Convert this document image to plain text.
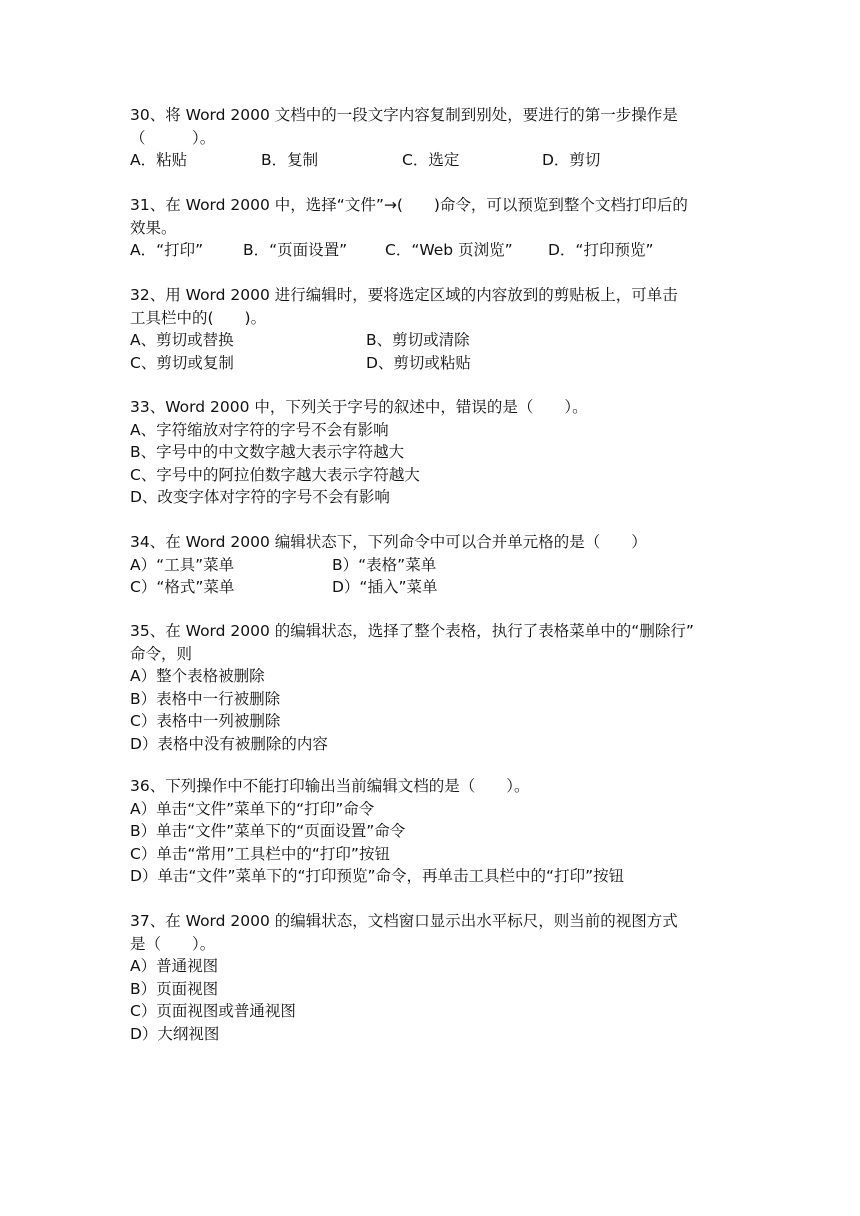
30、将 Word 2000 文档中的一段文字内容复制到别处，要进行的第一步操作是
（　　　）。
A．粘贴	B．复制	C．选定	D．剪切
31、在 Word 2000 中，选择“文件”→(　　)命令，可以预览到整个文档打印后的
效果。
A．“打印”	B．“页面设置” C．“Web 页浏览” D．“打印预览”
32、用 Word 2000 进行编辑时，要将选定区域的内容放到的剪贴板上，可单击
工具栏中的(　　)。
A、剪切或替换	B、剪切或清除
C、剪切或复制	D、剪切或粘贴
33、Word 2000 中，下列关于字号的叙述中，错误的是（　　）。
A、字符缩放对字符的字号不会有影响
B、字号中的中文数字越大表示字符越大
C、字号中的阿拉伯数字越大表示字符越大
D、改变字体对字符的字号不会有影响
34、在 Word 2000 编辑状态下，下列命令中可以合并单元格的是（　　）
A）“工具”菜单	B）“表格”菜单
C）“格式”菜单	D）“插入”菜单
35、在 Word 2000 的编辑状态，选择了整个表格，执行了表格菜单中的“删除行”
命令，则
A）整个表格被删除
B）表格中一行被删除
C）表格中一列被删除
D）表格中没有被删除的内容
36、下列操作中不能打印输出当前编辑文档的是（　　）。
A）单击“文件”菜单下的“打印”命令
B）单击“文件”菜单下的“页面设置”命令
C）单击“常用”工具栏中的“打印”按钮
D）单击“文件”菜单下的“打印预览”命令，再单击工具栏中的“打印”按钮
37、在 Word 2000 的编辑状态，文档窗口显示出水平标尺，则当前的视图方式
是（　　）。
A）普通视图
B）页面视图
C）页面视图或普通视图
D）大纲视图
